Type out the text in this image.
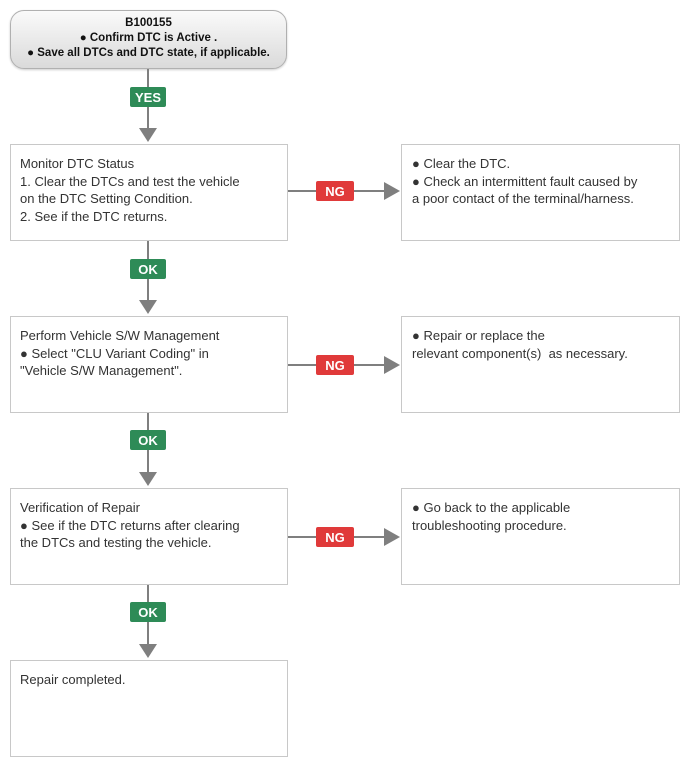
B100155
● Confirm DTC is Active .
● Save all DTCs and DTC state, if applicable.
YES
Monitor DTC Status
1. Clear the DTCs and test the vehicle
on the DTC Setting Condition.
2. See if the DTC returns.
NG
● Clear the DTC.
● Check an intermittent fault caused by
a poor contact of the terminal/harness.
OK
Perform Vehicle S/W Management
● Select "CLU Variant Coding" in
"Vehicle S/W Management".	NG
● Repair or replace the
relevant component(s)  as necessary.
OK
Verification of Repair
● See if the DTC returns after clearing
the DTCs and testing the vehicle.	NG
● Go back to the applicable
troubleshooting procedure.
OK
Repair completed.
